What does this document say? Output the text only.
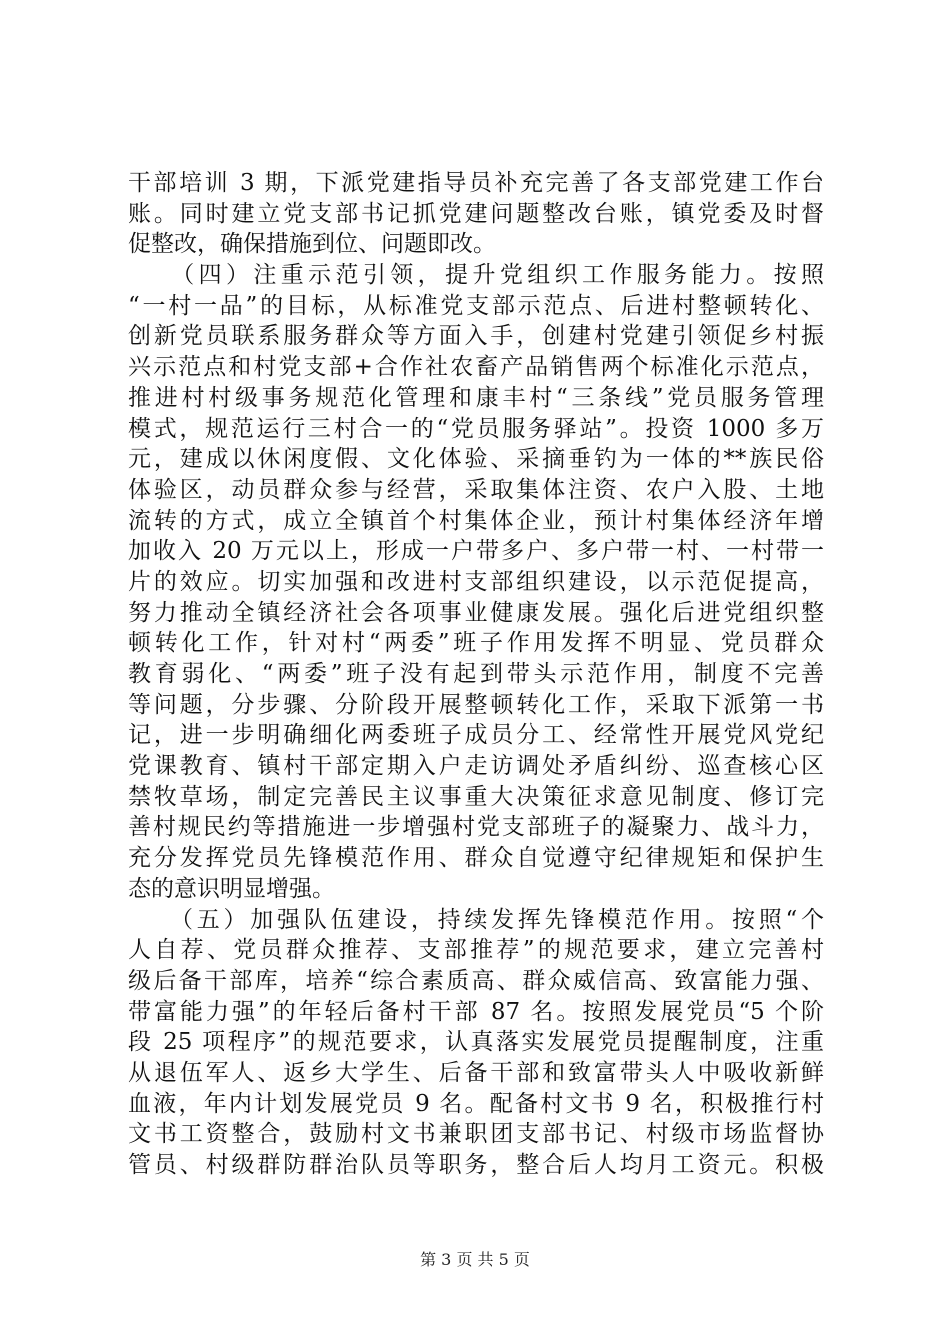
干部培训 3 期，下派党建指导员补充完善了各支部党建工作台
账。同时建立党支部书记抓党建问题整改台账，镇党委及时督
促整改，确保措施到位、问题即改。
　　（四）注重示范引领，提升党组织工作服务能力。按照
“一村一品”的目标，从标准党支部示范点、后进村整顿转化、
创新党员联系服务群众等方面入手，创建村党建引领促乡村振
兴示范点和村党支部+合作社农畜产品销售两个标准化示范点，
推进村村级事务规范化管理和康丰村“三条线”党员服务管理
模式，规范运行三村合一的“党员服务驿站”。投资 1000 多万
元，建成以休闲度假、文化体验、采摘垂钓为一体的**族民俗
体验区，动员群众参与经营，采取集体注资、农户入股、土地
流转的方式，成立全镇首个村集体企业，预计村集体经济年增
加收入 20 万元以上，形成一户带多户、多户带一村、一村带一
片的效应。切实加强和改进村支部组织建设，以示范促提高，
努力推动全镇经济社会各项事业健康发展。强化后进党组织整
顿转化工作，针对村“两委”班子作用发挥不明显、党员群众
教育弱化、“两委”班子没有起到带头示范作用，制度不完善
等问题，分步骤、分阶段开展整顿转化工作，采取下派第一书
记，进一步明确细化两委班子成员分工、经常性开展党风党纪
党课教育、镇村干部定期入户走访调处矛盾纠纷、巡查核心区
禁牧草场，制定完善民主议事重大决策征求意见制度、修订完
善村规民约等措施进一步增强村党支部班子的凝聚力、战斗力，
充分发挥党员先锋模范作用、群众自觉遵守纪律规矩和保护生
态的意识明显增强。
　　（五）加强队伍建设，持续发挥先锋模范作用。按照“个
人自荐、党员群众推荐、支部推荐”的规范要求，建立完善村
级后备干部库，培养“综合素质高、群众威信高、致富能力强、
带富能力强”的年轻后备村干部 87 名。按照发展党员“5 个阶
段 25 项程序”的规范要求，认真落实发展党员提醒制度，注重
从退伍军人、返乡大学生、后备干部和致富带头人中吸收新鲜
血液，年内计划发展党员 9 名。配备村文书 9 名，积极推行村
文书工资整合，鼓励村文书兼职团支部书记、村级市场监督协
管员、村级群防群治队员等职务，整合后人均月工资元。积极
第 3 页 共 5 页
